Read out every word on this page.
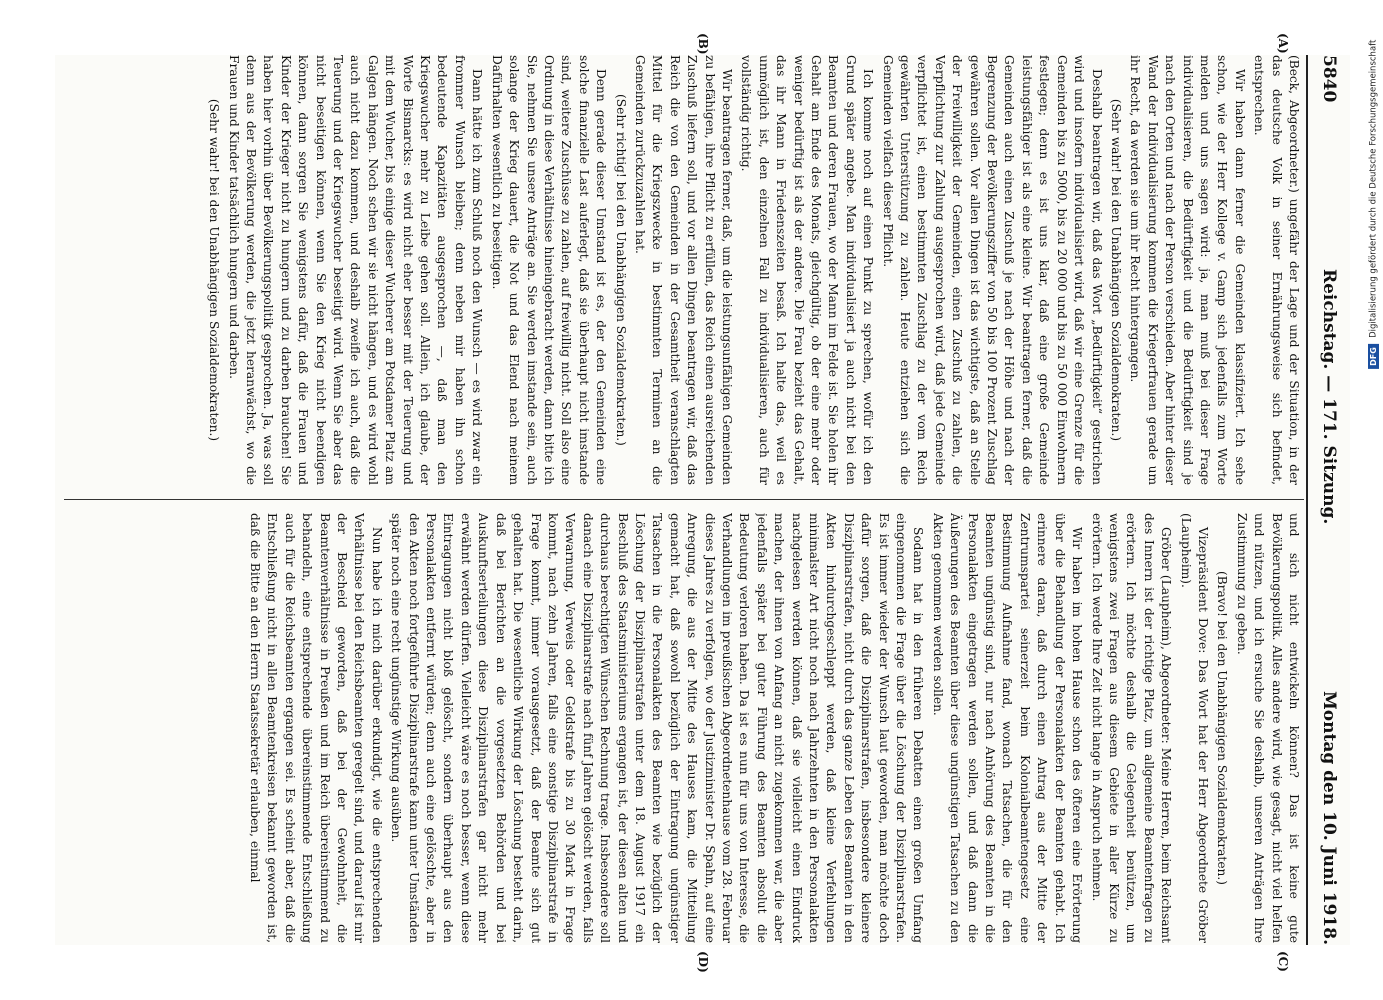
5840
Reichstag. — 171. Sitzung.
Montag den 10. Juni 1918.
(A)
(B)
(C)
(D)

(Beck, Abgeordneter.) ungefähr der Lage und der Situation, in der das deutsche Volk in seiner Ernährungsweise sich befindet, entsprechen.

Wir haben dann ferner die Gemeinden klassifiziert. Ich sehe schon, wie der Herr Kollege v. Gamp sich jedenfalls zum Worte melden und uns sagen wird: ja, man muß bei dieser Frage individualisieren, die Bedürftigkeit und die Bedürftigkeit sind je nach den Orten und nach der Person verschieden. Aber hinter dieser Wand der Individualisierung kommen die Kriegerfrauen gerade um ihr Recht, da werden sie um ihr Recht hintergangen.

(Sehr wahr! bei den Unabhängigen Sozialdemokraten.)

Deshalb beantragen wir, daß das Wort „Bedürftigkeit“ gestrichen wird und insofern individualisiert wird, daß wir eine Grenze für die Gemeinden bis zu 5000, bis zu 20 000 und bis zu 50 000 Einwohnern festlegen; denn es ist uns klar, daß eine große Gemeinde leistungsfähiger ist als eine kleine. Wir beantragen ferner, daß die Gemeinden auch einen Zuschuß je nach der Höhe und nach der Begrenzung der Bevölkerungsziffer von 50 bis 100 Prozent Zuschlag gewähren sollen. Vor allen Dingen ist das wichtigste, daß an Stelle der Freiwilligkeit der Gemeinden, einen Zuschuß zu zahlen, die Verpflichtung zur Zahlung ausgesprochen wird, daß jede Gemeinde verpflichtet ist, einen bestimmten Zuschlag zu der vom Reich gewährten Unterstützung zu zahlen. Heute entziehen sich die Gemeinden vielfach dieser Pflicht.

Ich komme noch auf einen Punkt zu sprechen, wofür ich den Grund später angebe. Man individualisiert ja auch nicht bei den Beamten und deren Frauen, wo der Mann im Felde ist. Sie holen ihr Gehalt am Ende des Monats, gleichgültig, ob der eine mehr oder weniger bedürftig ist als der andere. Die Frau bezieht das Gehalt, das ihr Mann in Friedenszeiten besaß. Ich halte das, weil es unmöglich ist, den einzelnen Fall zu individualisieren, auch für vollständig richtig.

Wir beantragen ferner, daß, um die leistungsunfähigen Gemeinden zu befähigen, ihre Pflicht zu erfüllen, das Reich einen ausreichenden Zuschuß liefern soll, und vor allen Dingen beantragen wir, daß das Reich die von den Gemeinden in der Gesamtheit veranschlagten Mittel für die Kriegszwecke in bestimmten Terminen an die Gemeinden zurückzuzahlen hat.

(Sehr richtig! bei den Unabhängigen Sozialdemokraten.)

Denn gerade dieser Umstand ist es, der den Gemeinden eine solche finanzielle Last auferlegt, daß sie überhaupt nicht imstande sind, weitere Zuschüsse zu zahlen, auf freiwillig nicht. Soll also eine Ordnung in diese Verhältnisse hineingebracht werden, dann bitte ich Sie, nehmen Sie unsere Anträge an. Sie werden imstande sein, auch solange der Krieg dauert, die Not und das Elend nach meinem Dafürhalten wesentlich zu beseitigen.

Dann hätte ich zum Schluß noch den Wunsch — es wird zwar ein frommer Wunsch bleiben; denn neben mir haben ihn schon bedeutende Kapazitäten ausgesprochen —, daß man den Kriegswucher mehr zu Leibe gehen soll. Allein, ich glaube, der Worte Bismarcks: es wird nicht eher besser mit der Teuerung und mit dem Wucher, bis einige dieser Wucherer am Potsdamer Platz am Galgen hängen. Noch schen wir sie nicht hängen, und es wird wohl auch nicht dazu kommen, und deshalb zweifle ich auch, daß die Teuerung und der Kriegswucher beseitigt wird. Wenn Sie aber das nicht beseitigen können, wenn Sie den Krieg nicht beendigen können, dann sorgen Sie wenigstens dafür, daß die Frauen und Kinder der Krieger nicht zu hungern und zu darben brauchen! Sie haben hier vorhin über Bevölkerungspolitik gesprochen. Ja, was soll denn aus der Bevölkerung werden, die jetzt heranwächst, wo die Frauen und Kinder tatsächlich hungern und darben.

(Sehr wahr! bei den Unabhängigen Sozialdemokraten.)

und sich nicht entwickeln können? Das ist keine gute Bevölkerungspolitik. Alles andere wird, wie gesagt, nicht viel helfen und nützen, und ich ersuche Sie deshalb, unseren Anträgen Ihre Zustimmung zu geben.

(Bravo! bei den Unabhängigen Sozialdemokraten.)

Vizepräsident Dove: Das Wort hat der Herr Abgeordnete Gröber (Laupheim).

Gröber (Laupheim), Abgeordneter: Meine Herren, beim Reichsamt des Innern ist der richtige Platz, um allgemeine Beamtenfragen zu erörtern. Ich möchte deshalb die Gelegenheit benützen, um wenigstens zwei Fragen aus diesem Gebiete in aller Kürze zu erörtern. Ich werde Ihre Zeit nicht lange in Anspruch nehmen.

Wir haben im hohen Hause schon des öfteren eine Erörterung über die Behandlung der Personalakten der Beamten gehabt. Ich erinnere daran, daß durch einen Antrag aus der Mitte der Zentrumspartei seinerzeit beim Kolonialbeamtengesetz eine Bestimmung Aufnahme fand, wonach Tatsachen, die für den Beamten ungünstig sind, nur nach Anhörung des Beamten in die Personalakten eingetragen werden sollen, und daß dann die Äußerungen des Beamten über diese ungünstigen Tatsachen zu den Akten genommen werden sollen.

Sodann hat in den früheren Debatten einen großen Umfang eingenommen die Frage über die Löschung der Disziplinarstrafen. Es ist immer wieder der Wunsch laut geworden, man möchte doch dafür sorgen, daß die Disziplinarstrafen, insbesondere kleinere Disziplinarstrafen, nicht durch das ganze Leben des Beamten in den Akten hindurchgeschleppt werden, daß kleine Verfehlungen minimalster Art nicht noch nach Jahrzehnten in den Personalakten nachgelesen werden können, daß sie vielleicht einen Eindruck machen, der ihnen von Anfang an nicht zugekommen war, die aber jedenfalls später bei guter Führung des Beamten absolut die Bedeutung verloren haben. Da ist es nun für uns von Interesse, die Verhandlungen im preußischen Abgeordnetenhause vom 28. Februar dieses Jahres zu verfolgen, wo der Justizminister Dr. Spahn, auf eine Anregung, die aus der Mitte des Hauses kam, die Mitteilung gemacht hat, daß sowohl bezüglich der Eintragung ungünstiger Tatsachen in die Personalakten des Beamten wie bezüglich der Löschung der Disziplinarstrafen unter dem 18. August 1917 ein Beschluß des Staatsministeriums ergangen ist, der diesen alten und durchaus berechtigten Wünschen Rechnung trage. Insbesondere soll danach eine Disziplinarstrafe nach fünf Jahren gelöscht werden, falls Verwarnung, Verweis oder Geldstrafe bis zu 30 Mark in Frage kommt, nach zehn Jahren, falls eine sonstige Disziplinarstrafe in Frage kommt, immer vorausgesetzt, daß der Beamte sich gut gehalten hat. Die wesentliche Wirkung der Löschung besteht darin, daß bei Berichten an die vorgesetzten Behörden und bei Auskunftserteilungen diese Disziplinarstrafen gar nicht mehr erwähnt werden dürfen. Vielleicht wäre es noch besser, wenn diese Eintragungen nicht bloß gelöscht, sondern überhaupt aus den Personalakten entfernt würden; denn auch eine gelöschte, aber in den Akten noch fortgeführte Disziplinarstrafe kann unter Umständen später noch eine recht ungünstige Wirkung ausüben.

Nun habe ich mich darüber erkundigt, wie die entsprechenden Verhältnisse bei den Reichsbeamten geregelt sind, und darauf ist mir der Bescheid geworden, daß bei der Gewohnheit, die Beamtenverhältnisse in Preußen und im Reich übereinstimmend zu behandeln, eine entsprechende übereinstimmende Entschließung auch für die Reichsbeamten ergangen sei. Es scheint aber, daß die Entschließung nicht in allen Beamtenkreisen bekannt geworden ist, daß die Bitte an den Herrn Staatssekretär erlauben, einmal

DFG
Digitalisierung gefördert durch die Deutsche Forschungsgemeinschaft
